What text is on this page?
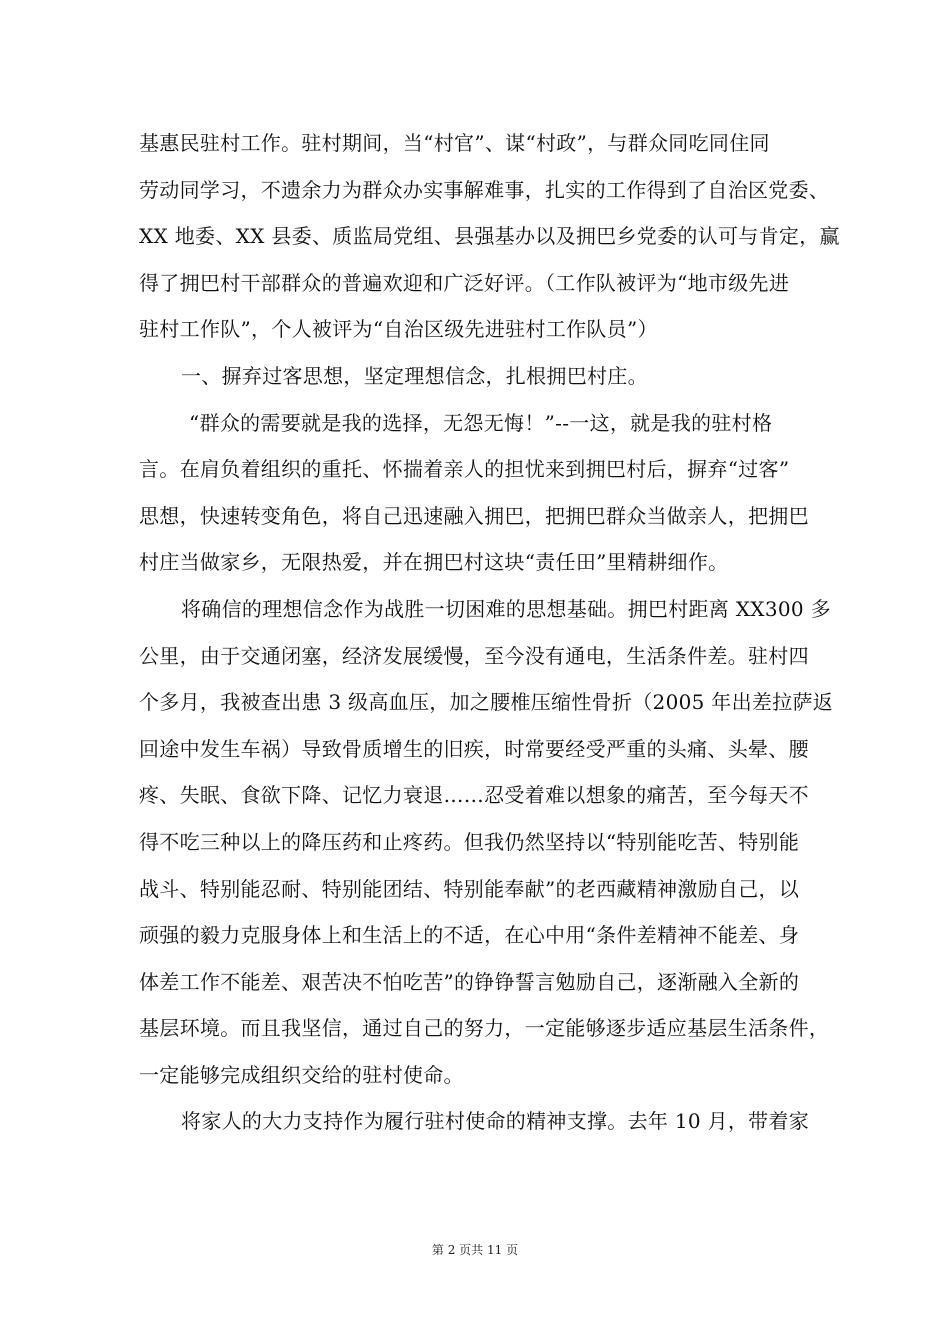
基惠民驻村工作。驻村期间，当“村官”、谋“村政”，与群众同吃同住同
劳动同学习，不遗余力为群众办实事解难事，扎实的工作得到了自治区党委、
XX 地委、XX 县委、质监局党组、县强基办以及拥巴乡党委的认可与肯定，赢
得了拥巴村干部群众的普遍欢迎和广泛好评。（工作队被评为“地市级先进
驻村工作队”，个人被评为“自治区级先进驻村工作队员”）
一、摒弃过客思想，坚定理想信念，扎根拥巴村庄。
“群众的需要就是我的选择，无怨无悔！”--一这，就是我的驻村格
言。在肩负着组织的重托、怀揣着亲人的担忧来到拥巴村后，摒弃“过客”
思想，快速转变角色，将自己迅速融入拥巴，把拥巴群众当做亲人，把拥巴
村庄当做家乡，无限热爱，并在拥巴村这块“责任田”里精耕细作。
将确信的理想信念作为战胜一切困难的思想基础。拥巴村距离 XX300 多
公里，由于交通闭塞，经济发展缓慢，至今没有通电，生活条件差。驻村四
个多月，我被查出患 3 级高血压，加之腰椎压缩性骨折（2005 年出差拉萨返
回途中发生车祸）导致骨质增生的旧疾，时常要经受严重的头痛、头晕、腰
疼、失眠、食欲下降、记忆力衰退……忍受着难以想象的痛苦，至今每天不
得不吃三种以上的降压药和止疼药。但我仍然坚持以“特别能吃苦、特别能
战斗、特别能忍耐、特别能团结、特别能奉献”的老西藏精神激励自己，以
顽强的毅力克服身体上和生活上的不适，在心中用“条件差精神不能差、身
体差工作不能差、艰苦决不怕吃苦”的铮铮誓言勉励自己，逐渐融入全新的
基层环境。而且我坚信，通过自己的努力，一定能够逐步适应基层生活条件，
一定能够完成组织交给的驻村使命。
将家人的大力支持作为履行驻村使命的精神支撑。去年 10 月，带着家
第 2 页共 11 页
